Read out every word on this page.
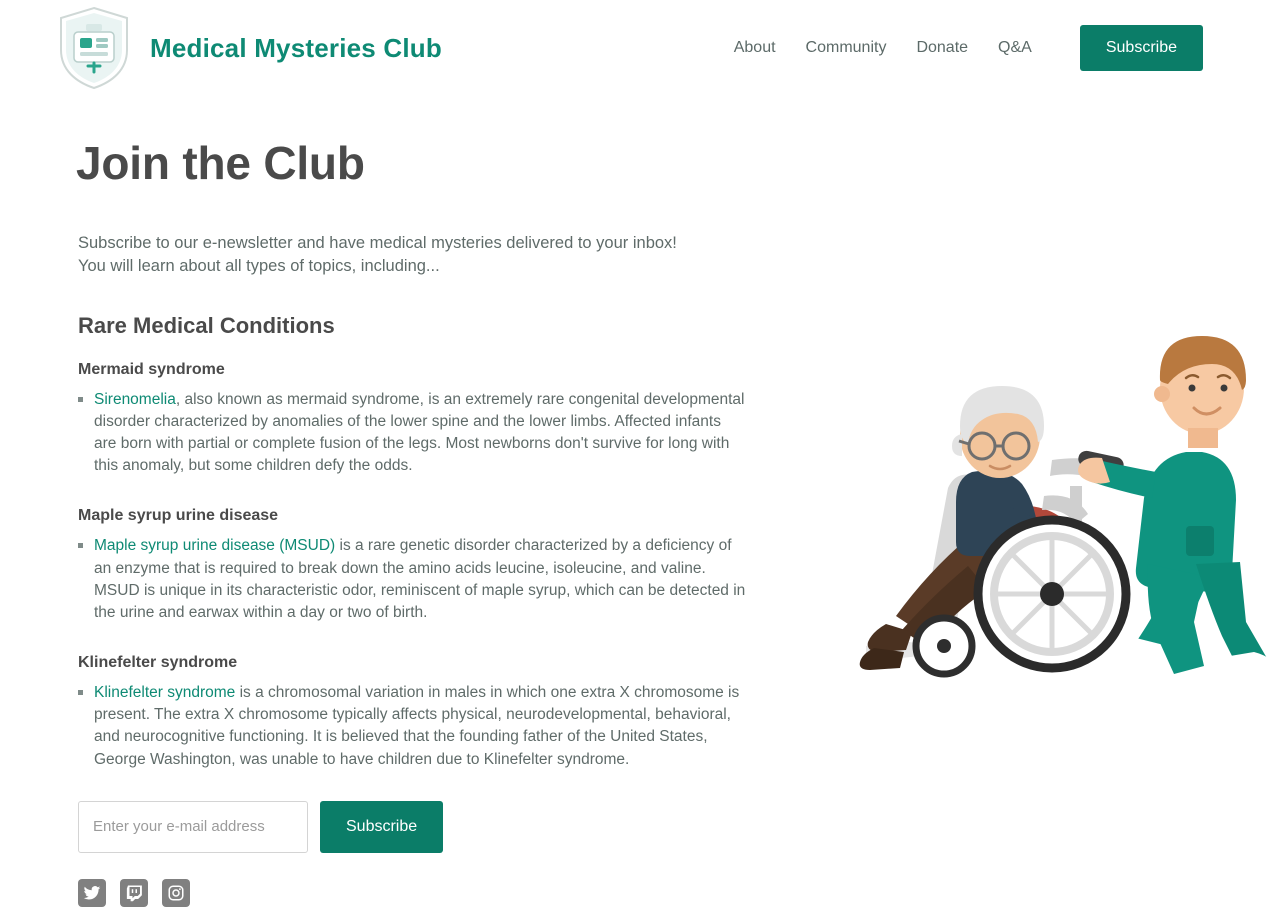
Medical Mysteries Club	About Community Donate Q&A	Subscribe
Join the Club

Subscribe to our e-newsletter and have medical mysteries delivered to your inbox! You will learn about all types of topics, including...

Rare Medical Conditions
Mermaid syndrome
Sirenomelia, also known as mermaid syndrome, is an extremely rare congenital developmental disorder characterized by anomalies of the lower spine and the lower limbs. Affected infants are born with partial or complete fusion of the legs. Most newborns don't survive for long with this anomaly, but some children defy the odds.
Maple syrup urine disease
Maple syrup urine disease (MSUD) is a rare genetic disorder characterized by a deficiency of an enzyme that is required to break down the amino acids leucine, isoleucine, and valine. MSUD is unique in its characteristic odor, reminiscent of maple syrup, which can be detected in the urine and earwax within a day or two of birth.
Klinefelter syndrome
Klinefelter syndrome is a chromosomal variation in males in which one extra X chromosome is present. The extra X chromosome typically affects physical, neurodevelopmental, behavioral, and neurocognitive functioning. It is believed that the founding father of the United States, George Washington, was unable to have children due to Klinefelter syndrome.
Enter your e-mail address
Subscribe
